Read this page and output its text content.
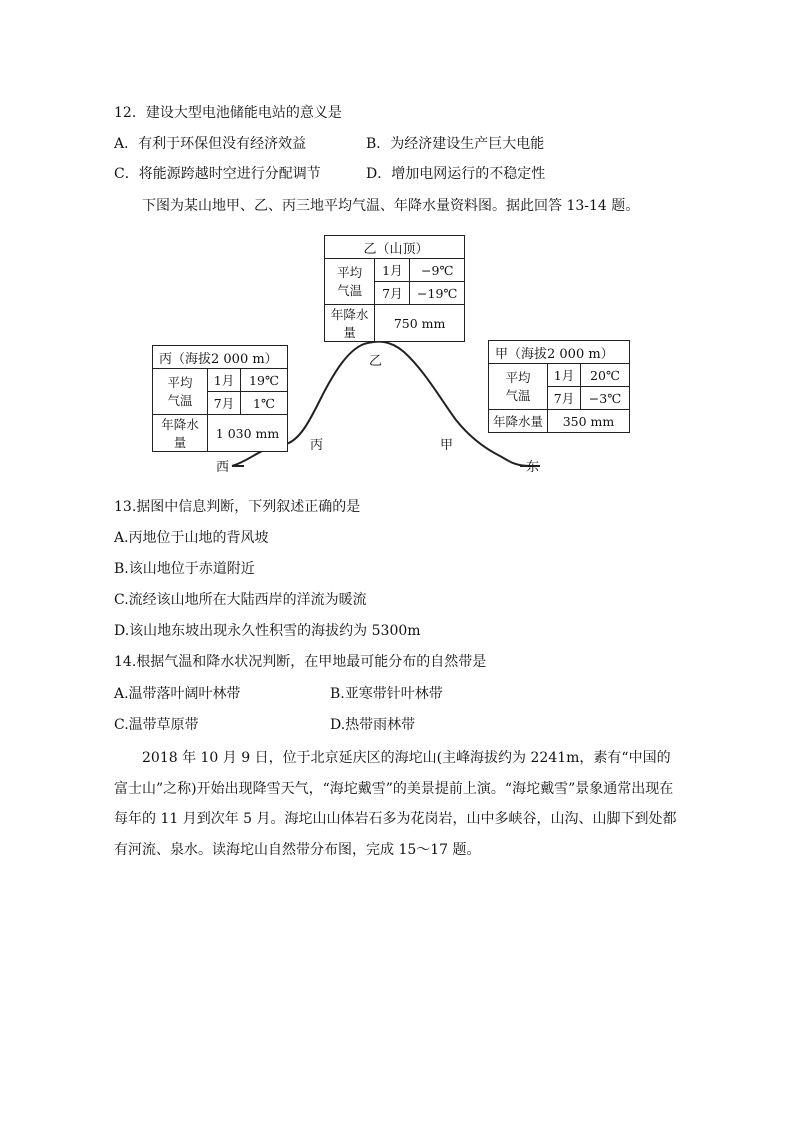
12．建设大型电池储能电站的意义是
A．有利于环保但没有经济效益	B．为经济建设生产巨大电能
C．将能源跨越时空进行分配调节	D．增加电网运行的不稳定性
下图为某山地甲、乙、丙三地平均气温、年降水量资料图。据此回答 13-14 题。
乙（山顶）		
平均
气温	1月	−9℃
	7月	−19℃
年降水量	750 mm	
丙（海拔2 000 m）		
平均
气温	1月	19℃
	7月	1℃
年降水量	1 030 mm	
甲（海拔2 000 m）		
平均
气温	1月	20℃
	7月	−3℃
年降水量	350 mm	
乙
丙	甲
西	东
13.据图中信息判断，下列叙述正确的是
A.丙地位于山地的背风坡
B.该山地位于赤道附近
C.流经该山地所在大陆西岸的洋流为暖流
D.该山地东坡出现永久性积雪的海拔约为 5300m
14.根据气温和降水状况判断，在甲地最可能分布的自然带是
A.温带落叶阔叶林带	B.亚寒带针叶林带
C.温带草原带	D.热带雨林带
2018 年 10 月 9 日，位于北京延庆区的海坨山(主峰海拔约为 2241m，素有“中国的富士山”之称)开始出现降雪天气，“海坨戴雪”的美景提前上演。“海坨戴雪”景象通常出现在每年的 11 月到次年 5 月。海坨山山体岩石多为花岗岩，山中多峡谷，山沟、山脚下到处都有河流、泉水。读海坨山自然带分布图，完成 15～17 题。
